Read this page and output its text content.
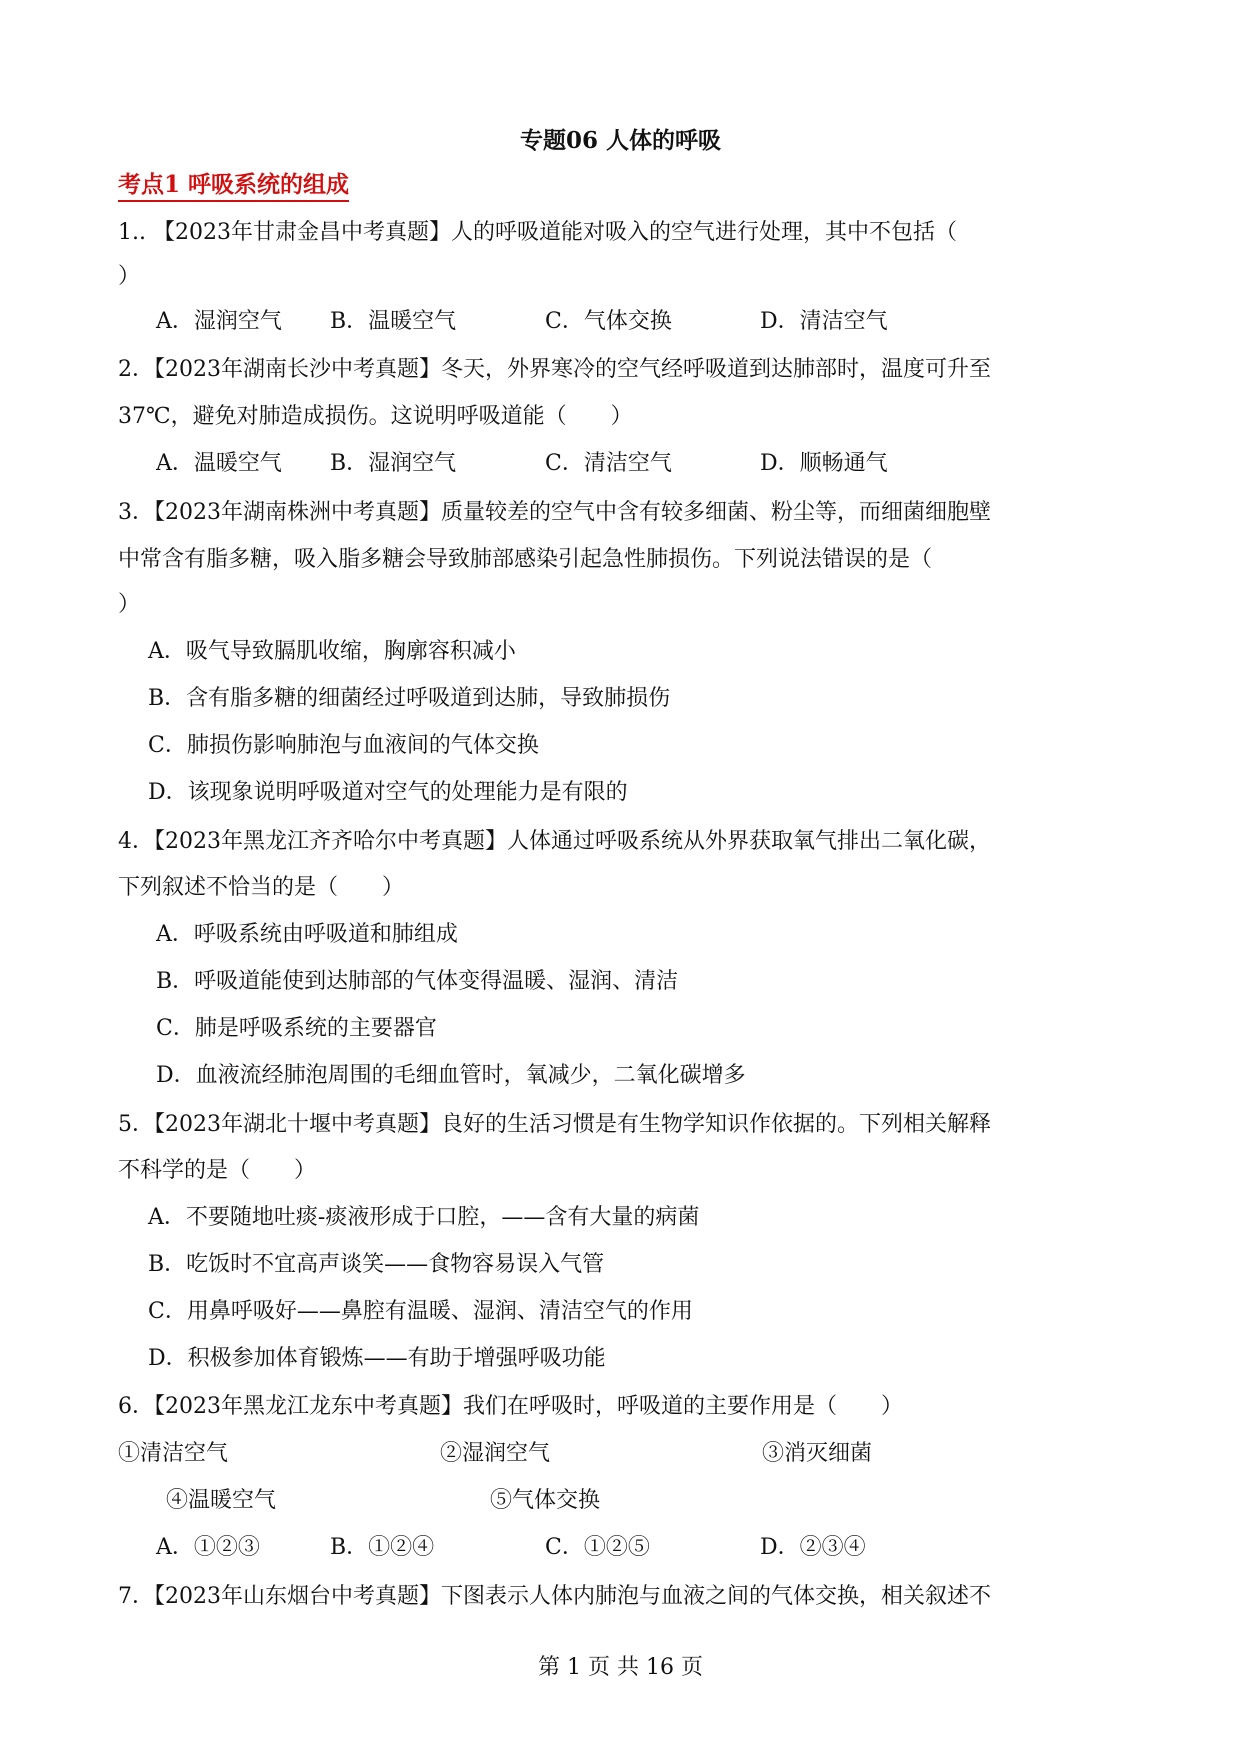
专题06 人体的呼吸
考点1 呼吸系统的组成
1.. 【2023年甘肃金昌中考真题】人的呼吸道能对吸入的空气进行处理，其中不包括（
）
A．湿润空气 B．温暖空气	C．气体交换	D．清洁空气
2．【2023年湖南长沙中考真题】冬天，外界寒冷的空气经呼吸道到达肺部时，温度可升至
37℃，避免对肺造成损伤。这说明呼吸道能（　　）
A．温暖空气 B．湿润空气	C．清洁空气	D．顺畅通气
3．【2023年湖南株洲中考真题】质量较差的空气中含有较多细菌、粉尘等，而细菌细胞壁
中常含有脂多糖，吸入脂多糖会导致肺部感染引起急性肺损伤。下列说法错误的是（
）
A．吸气导致膈肌收缩，胸廓容积减小
B．含有脂多糖的细菌经过呼吸道到达肺，导致肺损伤
C．肺损伤影响肺泡与血液间的气体交换
D．该现象说明呼吸道对空气的处理能力是有限的
4．【2023年黑龙江齐齐哈尔中考真题】人体通过呼吸系统从外界获取氧气排出二氧化碳，
下列叙述不恰当的是（　　）
A．呼吸系统由呼吸道和肺组成
B．呼吸道能使到达肺部的气体变得温暖、湿润、清洁
C．肺是呼吸系统的主要器官
D．血液流经肺泡周围的毛细血管时，氧减少，二氧化碳增多
5．【2023年湖北十堰中考真题】良好的生活习惯是有生物学知识作依据的。下列相关解释
不科学的是（　　）
A．不要随地吐痰-痰液形成于口腔，——含有大量的病菌
B．吃饭时不宜高声谈笑——食物容易误入气管
C．用鼻呼吸好——鼻腔有温暖、湿润、清洁空气的作用
D．积极参加体育锻炼——有助于增强呼吸功能
6．【2023年黑龙江龙东中考真题】我们在呼吸时，呼吸道的主要作用是（　　）
①清洁空气	②湿润空气	③消灭细菌
④温暖空气	⑤气体交换
A．①②③	B．①②④	C．①②⑤	D．②③④
7．【2023年山东烟台中考真题】下图表示人体内肺泡与血液之间的气体交换，相关叙述不
第 1 页 共 16 页
